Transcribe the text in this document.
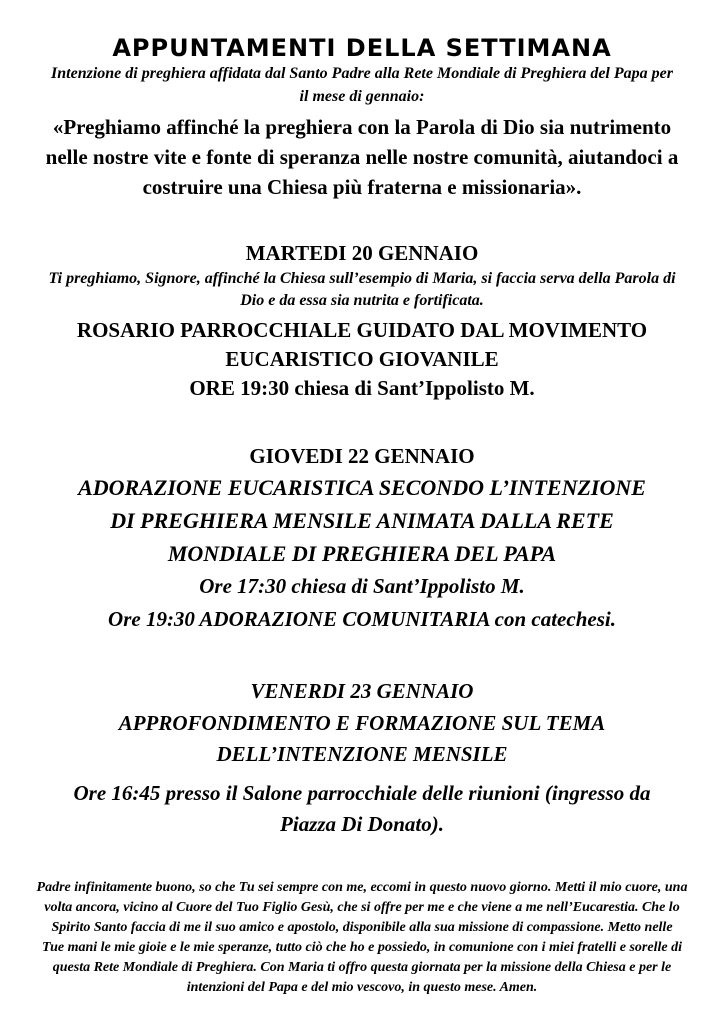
APPUNTAMENTI DELLA SETTIMANA

Intenzione di preghiera affidata dal Santo Padre alla Rete Mondiale di Preghiera del Papa per
il mese di gennaio:

«Preghiamo affinché la preghiera con la Parola di Dio sia nutrimento
nelle nostre vite e fonte di speranza nelle nostre comunità, aiutandoci a
costruire una Chiesa più fraterna e missionaria».

MARTEDI 20 GENNAIO

Ti preghiamo, Signore, affinché la Chiesa sull’esempio di Maria, si faccia serva della Parola di
Dio e da essa sia nutrita e fortificata.

ROSARIO PARROCCHIALE GUIDATO DAL MOVIMENTO
EUCARISTICO GIOVANILE

ORE 19:30 chiesa di Sant’Ippolisto M.

GIOVEDI 22 GENNAIO

ADORAZIONE EUCARISTICA SECONDO L’INTENZIONE
DI PREGHIERA MENSILE ANIMATA DALLA RETE
MONDIALE DI PREGHIERA DEL PAPA

Ore 17:30 chiesa di Sant’Ippolisto M.
Ore 19:30 ADORAZIONE COMUNITARIA con catechesi.

VENERDI 23 GENNAIO

APPROFONDIMENTO E FORMAZIONE SUL TEMA
DELL’INTENZIONE MENSILE

Ore 16:45 presso il Salone parrocchiale delle riunioni (ingresso da
Piazza Di Donato).

Padre infinitamente buono, so che Tu sei sempre con me, eccomi in questo nuovo giorno. Metti il mio cuore, una
volta ancora, vicino al Cuore del Tuo Figlio Gesù, che si offre per me e che viene a me nell’Eucarestia. Che lo
Spirito Santo faccia di me il suo amico e apostolo, disponibile alla sua missione di compassione. Metto nelle
Tue mani le mie gioie e le mie speranze, tutto ciò che ho e possiedo, in comunione con i miei fratelli e sorelle di
questa Rete Mondiale di Preghiera. Con Maria ti offro questa giornata per la missione della Chiesa e per le
intenzioni del Papa e del mio vescovo, in questo mese. Amen.
